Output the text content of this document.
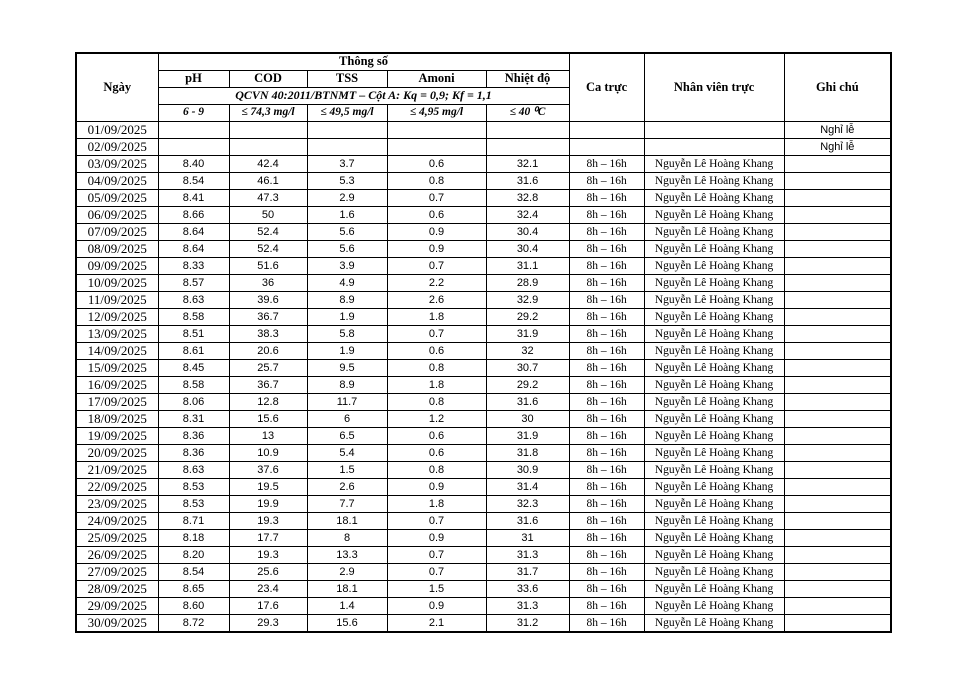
Ngày	Thông số					Ca trực	Nhân viên trực	Ghi chú
	pH	COD	TSS	Amoni	Nhiệt độ			
	QCVN 40:2011/BTNMT – Cột A: Kq = 0,9; Kf = 1,1							
	6 - 9	≤ 74,3 mg/l	≤ 49,5 mg/l	≤ 4,95 mg/l	≤ 40 ⁰C			
01/09/2025								Nghỉ lễ
02/09/2025								Nghỉ lễ
03/09/2025	8.40	42.4	3.7	0.6	32.1	8h – 16h	Nguyễn Lê Hoàng Khang	
04/09/2025	8.54	46.1	5.3	0.8	31.6	8h – 16h	Nguyễn Lê Hoàng Khang	
05/09/2025	8.41	47.3	2.9	0.7	32.8	8h – 16h	Nguyễn Lê Hoàng Khang	
06/09/2025	8.66	50	1.6	0.6	32.4	8h – 16h	Nguyễn Lê Hoàng Khang	
07/09/2025	8.64	52.4	5.6	0.9	30.4	8h – 16h	Nguyễn Lê Hoàng Khang	
08/09/2025	8.64	52.4	5.6	0.9	30.4	8h – 16h	Nguyễn Lê Hoàng Khang	
09/09/2025	8.33	51.6	3.9	0.7	31.1	8h – 16h	Nguyễn Lê Hoàng Khang	
10/09/2025	8.57	36	4.9	2.2	28.9	8h – 16h	Nguyễn Lê Hoàng Khang	
11/09/2025	8.63	39.6	8.9	2.6	32.9	8h – 16h	Nguyễn Lê Hoàng Khang	
12/09/2025	8.58	36.7	1.9	1.8	29.2	8h – 16h	Nguyễn Lê Hoàng Khang	
13/09/2025	8.51	38.3	5.8	0.7	31.9	8h – 16h	Nguyễn Lê Hoàng Khang	
14/09/2025	8.61	20.6	1.9	0.6	32	8h – 16h	Nguyễn Lê Hoàng Khang	
15/09/2025	8.45	25.7	9.5	0.8	30.7	8h – 16h	Nguyễn Lê Hoàng Khang	
16/09/2025	8.58	36.7	8.9	1.8	29.2	8h – 16h	Nguyễn Lê Hoàng Khang	
17/09/2025	8.06	12.8	11.7	0.8	31.6	8h – 16h	Nguyễn Lê Hoàng Khang	
18/09/2025	8.31	15.6	6	1.2	30	8h – 16h	Nguyễn Lê Hoàng Khang	
19/09/2025	8.36	13	6.5	0.6	31.9	8h – 16h	Nguyễn Lê Hoàng Khang	
20/09/2025	8.36	10.9	5.4	0.6	31.8	8h – 16h	Nguyễn Lê Hoàng Khang	
21/09/2025	8.63	37.6	1.5	0.8	30.9	8h – 16h	Nguyễn Lê Hoàng Khang	
22/09/2025	8.53	19.5	2.6	0.9	31.4	8h – 16h	Nguyễn Lê Hoàng Khang	
23/09/2025	8.53	19.9	7.7	1.8	32.3	8h – 16h	Nguyễn Lê Hoàng Khang	
24/09/2025	8.71	19.3	18.1	0.7	31.6	8h – 16h	Nguyễn Lê Hoàng Khang	
25/09/2025	8.18	17.7	8	0.9	31	8h – 16h	Nguyễn Lê Hoàng Khang	
26/09/2025	8.20	19.3	13.3	0.7	31.3	8h – 16h	Nguyễn Lê Hoàng Khang	
27/09/2025	8.54	25.6	2.9	0.7	31.7	8h – 16h	Nguyễn Lê Hoàng Khang	
28/09/2025	8.65	23.4	18.1	1.5	33.6	8h – 16h	Nguyễn Lê Hoàng Khang	
29/09/2025	8.60	17.6	1.4	0.9	31.3	8h – 16h	Nguyễn Lê Hoàng Khang	
30/09/2025	8.72	29.3	15.6	2.1	31.2	8h – 16h	Nguyễn Lê Hoàng Khang	
